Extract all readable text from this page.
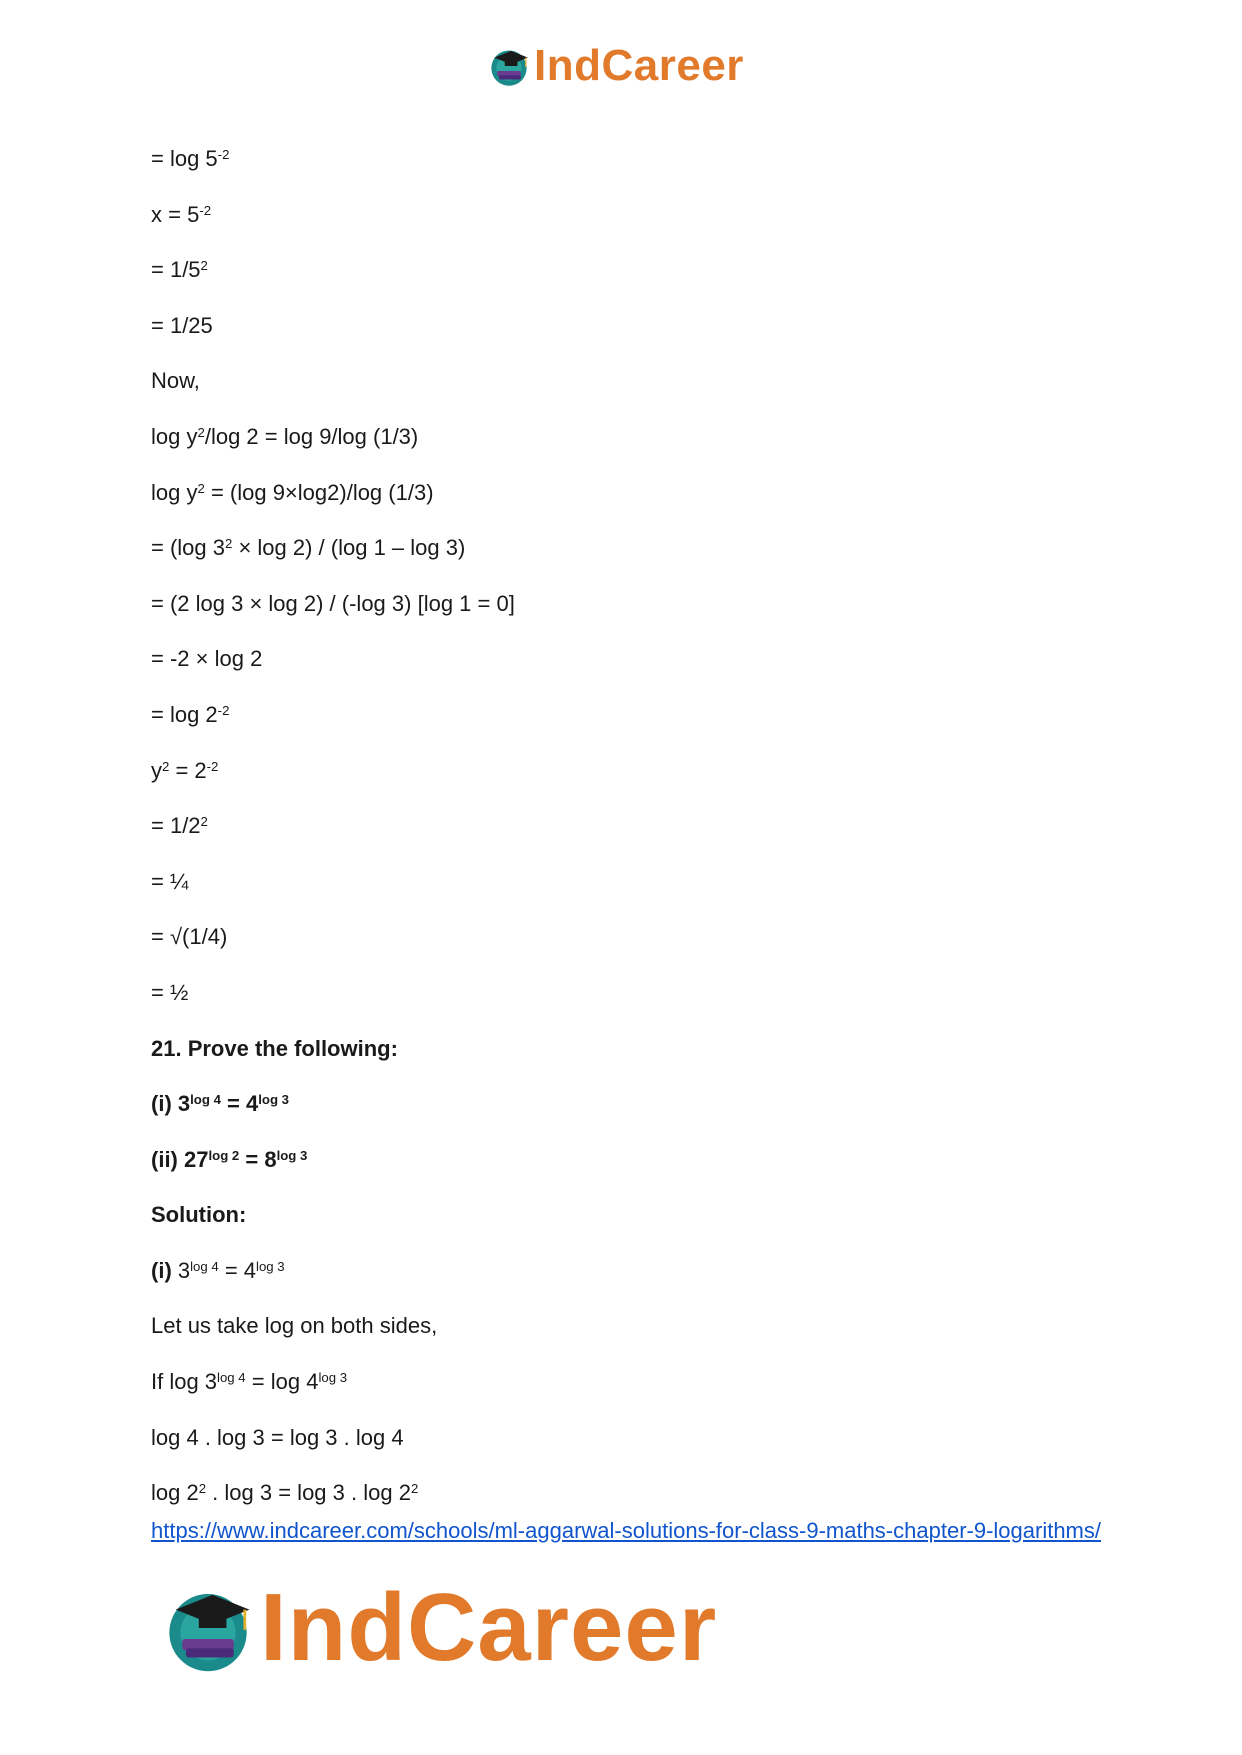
IndCareer

= $\log 5^{-2}$

$x = 5^{-2}$

= $1/5^2$

= 1/25

Now,

$\log y^2/\log$ 2 = log 9/log (1/3)

$\log y^2 = (\log$ 9×log2)/log (1/3)

= (log $3^2 \times \log 2) / (\log$ 1 – log 3)

= (2 log 3 × log 2) / (-log 3) [log 1 = 0]

= -2 × log 2

= $\log 2^{-2}$

$y^2 = 2^{-2}$

= $1/2^2$

= ¼

= √(1/4)

= ½

21. Prove the following:

(i) $3^{log 4} = 4^{log 3}$

(ii) $27^{log 2} = 8^{log 3}$

Solution:

(i) $3^{log 4} = 4^{log 3}$

Let us take log on both sides,

If $\log 3^{log 4} = \log 4^{log 3}$

log 4 . log 3 = log 3 . log 4

$\log 2^2$ . log 3 = log 3 . $\log 2^2$

https://www.indcareer.com/schools/ml-aggarwal-solutions-for-class-9-maths-chapter-9-logarithms/
IndCareer
